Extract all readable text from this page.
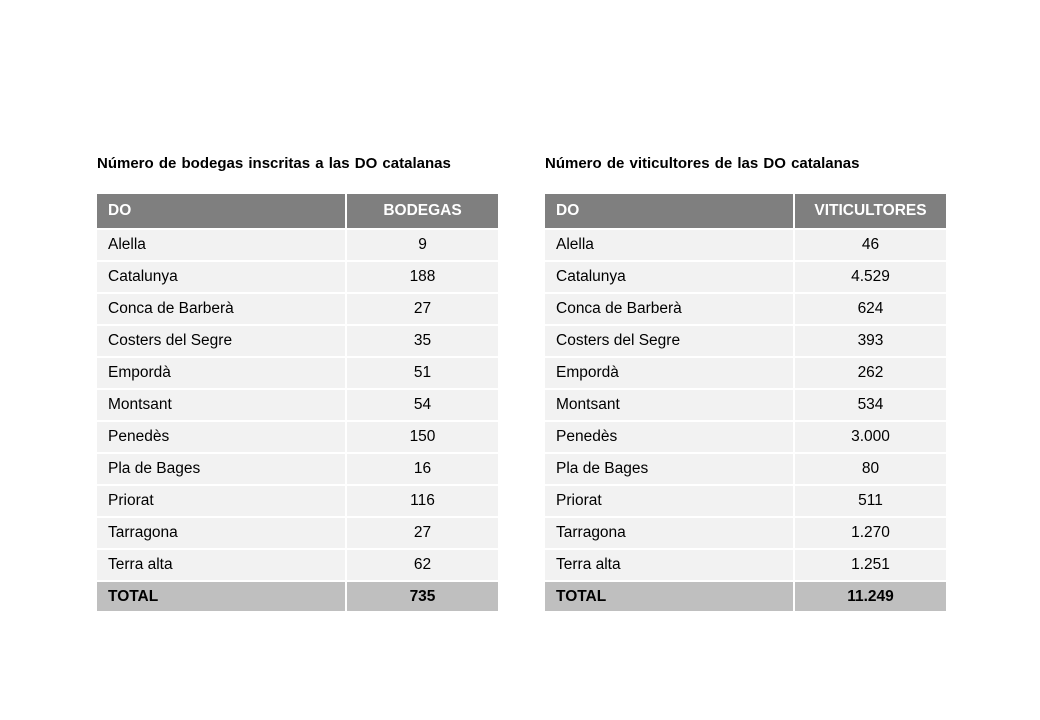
Número de bodegas inscritas a las DO catalanas
DO	BODEGAS
Alella	9
Catalunya	188
Conca de Barberà	27
Costers del Segre	35
Empordà	51
Montsant	54
Penedès	150
Pla de Bages	16
Priorat	116
Tarragona	27
Terra alta	62
TOTAL	735
Número de viticultores de las DO catalanas
DO	VITICULTORES
Alella	46
Catalunya	4.529
Conca de Barberà	624
Costers del Segre	393
Empordà	262
Montsant	534
Penedès	3.000
Pla de Bages	80
Priorat	511
Tarragona	1.270
Terra alta	1.251
TOTAL	11.249
